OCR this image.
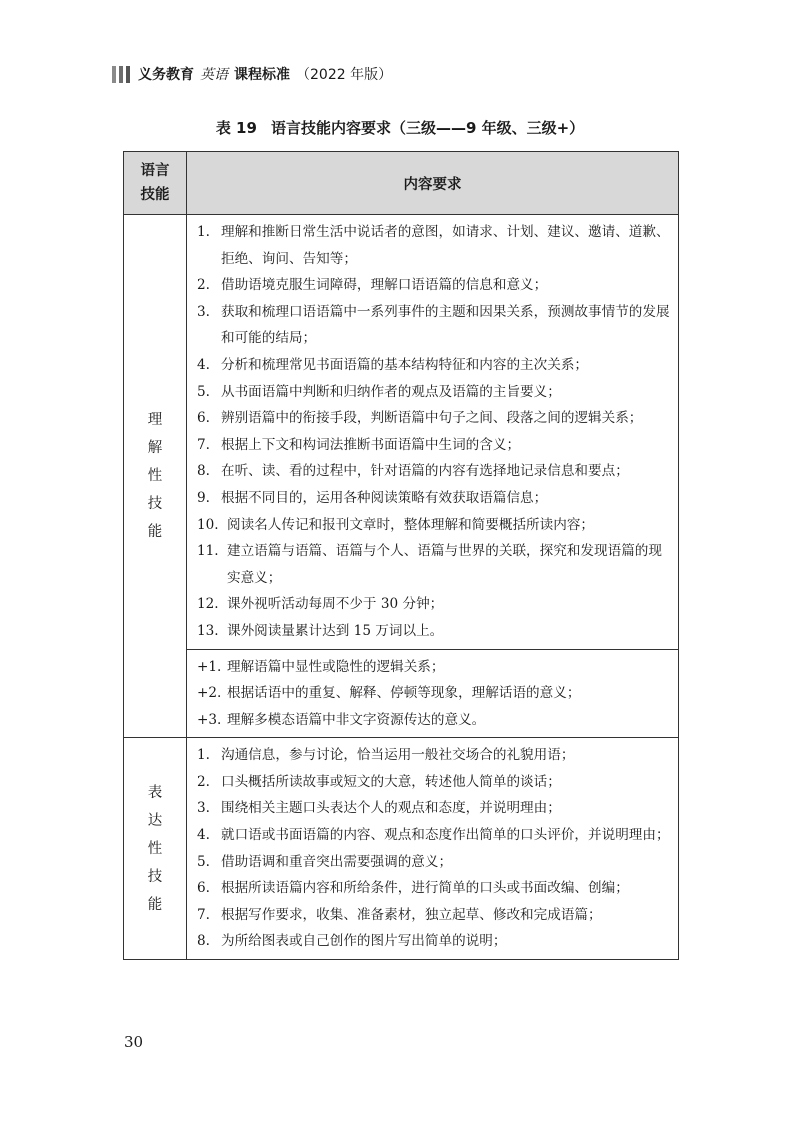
义务教育 英语 课程标准 （2022 年版）
表 19 语言技能内容要求（三级——9 年级、三级+）
语言
技能
内容要求
理
解
性
技
能
1. 理解和推断日常生活中说话者的意图，如请求、计划、建议、邀请、道歉、拒绝、询问、告知等；
2. 借助语境克服生词障碍，理解口语语篇的信息和意义；
3. 获取和梳理口语语篇中一系列事件的主题和因果关系，预测故事情节的发展和可能的结局；
4. 分析和梳理常见书面语篇的基本结构特征和内容的主次关系；
5. 从书面语篇中判断和归纳作者的观点及语篇的主旨要义；
6. 辨别语篇中的衔接手段，判断语篇中句子之间、段落之间的逻辑关系；
7. 根据上下文和构词法推断书面语篇中生词的含义；
8. 在听、读、看的过程中，针对语篇的内容有选择地记录信息和要点；
9. 根据不同目的，运用各种阅读策略有效获取语篇信息；
10. 阅读名人传记和报刊文章时，整体理解和简要概括所读内容；
11. 建立语篇与语篇、语篇与个人、语篇与世界的关联，探究和发现语篇的现实意义；
12. 课外视听活动每周不少于 30 分钟；
13. 课外阅读量累计达到 15 万词以上。
+1. 理解语篇中显性或隐性的逻辑关系；
+2. 根据话语中的重复、解释、停顿等现象，理解话语的意义；
+3. 理解多模态语篇中非文字资源传达的意义。
表
达
性
技
能
1. 沟通信息，参与讨论，恰当运用一般社交场合的礼貌用语；
2. 口头概括所读故事或短文的大意，转述他人简单的谈话；
3. 围绕相关主题口头表达个人的观点和态度，并说明理由；
4. 就口语或书面语篇的内容、观点和态度作出简单的口头评价，并说明理由；
5. 借助语调和重音突出需要强调的意义；
6. 根据所读语篇内容和所给条件，进行简单的口头或书面改编、创编；
7. 根据写作要求，收集、准备素材，独立起草、修改和完成语篇；
8. 为所给图表或自己创作的图片写出简单的说明；
30
